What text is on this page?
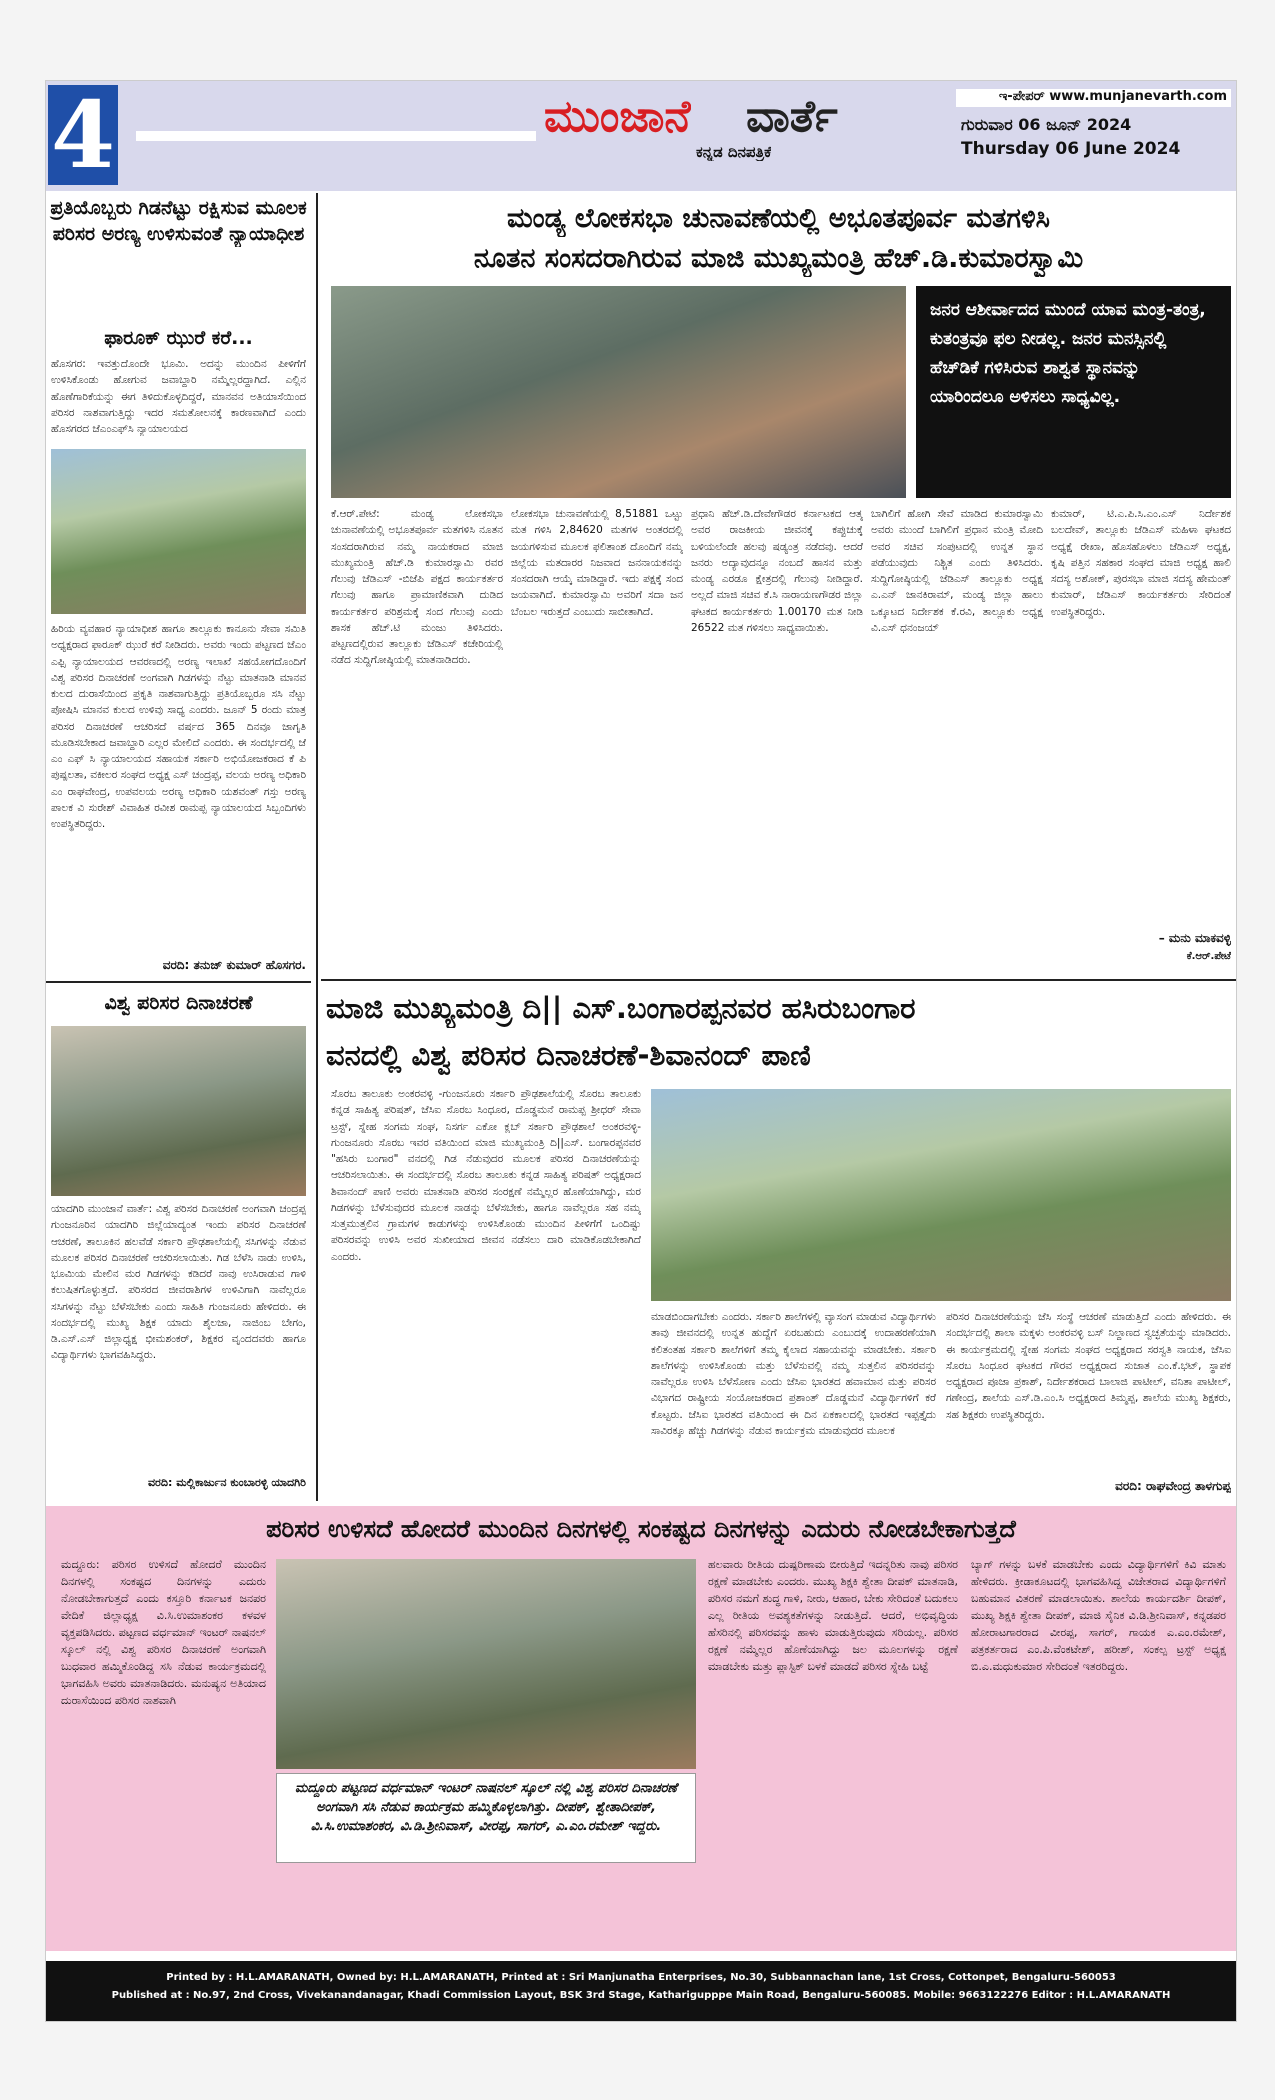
4	ಮುಂಜಾನೆ ವಾರ್ತೆ
ಕನ್ನಡ ದಿನಪತ್ರಿಕೆ
ಇ-ಪೇಪರ್ www.munjanevarth.com
ಗುರುವಾರ 06 ಜೂನ್ 2024
Thursday 06 June 2024
ಪ್ರತಿಯೊಬ್ಬರು ಗಿಡನೆಟ್ಟು ರಕ್ಷಿಸುವ ಮೂಲಕ ಪರಿಸರ ಅರಣ್ಯ ಉಳಿಸುವಂತೆ ನ್ಯಾಯಾಧೀಶ
ಫಾರೂಕ್ ಝುರೆ ಕರೆ...
ಹೊಸಗರ: ಇವತ್ತುದೊಂದೇ ಭೂಮಿ. ಅದನ್ನು ಮುಂದಿನ ಪೀಳಿಗೆಗೆ ಉಳಿಸಿಕೊಂಡು ಹೋಗುವ ಜವಾಬ್ದಾರಿ ನಮ್ಮೆಲ್ಲರದ್ದಾಗಿದೆ. ಎಲ್ಲಿನ ಹೊಣೆಗಾರಿಕೆಯನ್ನು ಈಗ ತಿಳಿದುಕೊಳ್ಳದಿದ್ದರೆ, ಮಾನವನ ಅತಿಯಾಸೆಯಿಂದ ಪರಿಸರ ನಾಶವಾಗುತ್ತಿದ್ದು ಇದರ ಸಮತೋಲನಕ್ಕೆ ಕಾರಣವಾಗಿದೆ ಎಂದು ಹೊಸಗರದ ಜೆಎಂಎಫ್‌ಸಿ ನ್ಯಾಯಾಲಯದ
ಹಿರಿಯ ವ್ಯವಹಾರ ನ್ಯಾಯಾಧೀಶ ಹಾಗೂ ತಾಲ್ಲೂಕು ಕಾನೂನು ಸೇವಾ ಸಮಿತಿ ಅಧ್ಯಕ್ಷರಾದ ಫಾರೂಕ್ ಝುರೆ ಕರೆ ನೀಡಿದರು. ಅವರು ಇಂದು ಪಟ್ಟಣದ ಜೆಎಂ ಎಫ್ಸಿ ನ್ಯಾಯಾಲಯದ ಆವರಣದಲ್ಲಿ ಅರಣ್ಯ ಇಲಾಖೆ ಸಹಯೋಗದೊಂದಿಗೆ ವಿಶ್ವ ಪರಿಸರ ದಿನಾಚರಣೆ ಅಂಗವಾಗಿ ಗಿಡಗಳನ್ನು ನೆಟ್ಟು ಮಾತನಾಡಿ ಮಾನವ ಕುಲದ ದುರಾಸೆಯಿಂದ ಪ್ರಕೃತಿ ನಾಶವಾಗುತ್ತಿದ್ದು ಪ್ರತಿಯೊಬ್ಬರೂ ಸಸಿ ನೆಟ್ಟು ಪೋಷಿಸಿ ಮಾನವ ಕುಲದ ಉಳಿವು ಸಾಧ್ಯ ಎಂದರು. ಜೂನ್ 5 ರಂದು ಮಾತ್ರ ಪರಿಸರ ದಿನಾಚರಣೆ ಆಚರಿಸದೆ ವರ್ಷದ 365 ದಿನವೂ ಜಾಗೃತಿ ಮೂಡಿಸಬೇಕಾದ ಜವಾಬ್ದಾರಿ ಎಲ್ಲರ ಮೇಲಿದೆ ಎಂದರು. ಈ ಸಂದರ್ಭದಲ್ಲಿ ಜೆ ಎಂ ಎಫ್ ಸಿ ನ್ಯಾಯಾಲಯದ ಸಹಾಯಕ ಸರ್ಕಾರಿ ಅಭಿಯೋಜಕರಾದ ಕೆ ಪಿ ಪುಷ್ಪಲತಾ, ವಕೀಲರ ಸಂಘದ ಅಧ್ಯಕ್ಷ ಎಸ್ ಚಂದ್ರಪ್ಪ, ವಲಯ ಅರಣ್ಯ ಅಧಿಕಾರಿ ಎಂ ರಾಘವೇಂದ್ರ, ಉಪವಲಯ ಅರಣ್ಯ ಅಧಿಕಾರಿ ಯಶವಂತ್ ಗಸ್ತು ಅರಣ್ಯ ಪಾಲಕ ವಿ ಸುರೇಶ್ ವಿವಾಹಿತ ರವೀಶ ರಾಮಪ್ಪ ನ್ಯಾಯಾಲಯದ ಸಿಬ್ಬಂದಿಗಳು ಉಪಸ್ಥಿತರಿದ್ದರು.
ವರದಿ: ತನುಜ್ ಕುಮಾರ್ ಹೊಸಗರ.
ವಿಶ್ವ ಪರಿಸರ ದಿನಾಚರಣೆ
ಯಾದಗಿರಿ ಮುಂಜಾನೆ ವಾರ್ತೆ: ವಿಶ್ವ ಪರಿಸರ ದಿನಾಚರಣೆ ಅಂಗವಾಗಿ ಚಂದ್ರಪ್ಪ ಗುಂಜನೂರಿನ ಯಾದಗಿರಿ ಜಿಲ್ಲೆಯಾದ್ಯಂತ ಇಂದು ಪರಿಸರ ದಿನಾಚರಣೆ ಆಚರಣೆ, ತಾಲೂಕಿನ ಹಲವೆಡೆ ಸರ್ಕಾರಿ ಪ್ರೌಢಶಾಲೆಯಲ್ಲಿ ಸಸಿಗಳನ್ನು ನೆಡುವ ಮೂಲಕ ಪರಿಸರ ದಿನಾಚರಣೆ ಆಚರಿಸಲಾಯಿತು. ಗಿಡ ಬೆಳೆಸಿ ನಾಡು ಉಳಿಸಿ, ಭೂಮಿಯ ಮೇಲಿನ ಮರ ಗಿಡಗಳನ್ನು ಕಡಿದರೆ ನಾವು ಉಸಿರಾಡುವ ಗಾಳಿ ಕಲುಷಿತಗೊಳ್ಳುತ್ತದೆ. ಪರಿಸರದ ಜೀವರಾಶಿಗಳ ಉಳಿವಿಗಾಗಿ ನಾವೆಲ್ಲರೂ ಸಸಿಗಳನ್ನು ನೆಟ್ಟು ಬೆಳೆಸಬೇಕು ಎಂದು ಸಾಹಿತಿ ಗುಂಜನೂರು ಹೇಳಿದರು. ಈ ಸಂದರ್ಭದಲ್ಲಿ ಮುಖ್ಯ ಶಿಕ್ಷಕ ಯಾದು ಶೈಲಜಾ, ನಾಜಿಂಬ ಬೇಗಂ, ಡಿ.ಎಸ್.ಎಸ್ ಜಿಲ್ಲಾಧ್ಯಕ್ಷ ಭೀಮಶಂಕರ್, ಶಿಕ್ಷಕರ ವೃಂದದವರು ಹಾಗೂ ವಿದ್ಯಾರ್ಥಿಗಳು ಭಾಗವಹಿಸಿದ್ದರು.
ವರದಿ: ಮಲ್ಲಿಕಾರ್ಜುನ ಕುಂಬಾರಳ್ಳಿ ಯಾದಗಿರಿ
ಮಂಡ್ಯ ಲೋಕಸಭಾ ಚುನಾವಣೆಯಲ್ಲಿ ಅಭೂತಪೂರ್ವ ಮತಗಳಿಸಿ
ನೂತನ ಸಂಸದರಾಗಿರುವ ಮಾಜಿ ಮುಖ್ಯಮಂತ್ರಿ ಹೆಚ್.ಡಿ.ಕುಮಾರಸ್ವಾಮಿ
ಜನರ ಆಶೀರ್ವಾದದ ಮುಂದೆ ಯಾವ ಮಂತ್ರ-ತಂತ್ರ, ಕುತಂತ್ರವೂ ಫಲ ನೀಡಲ್ಲ. ಜನರ ಮನಸ್ಸಿನಲ್ಲಿ ಹೆಚ್‌ಡಿಕೆ ಗಳಿಸಿರುವ ಶಾಶ್ವತ ಸ್ಥಾನವನ್ನು ಯಾರಿಂದಲೂ ಅಳಿಸಲು ಸಾಧ್ಯವಿಲ್ಲ.
ಕೆ.ಆರ್.ಪೇಟೆ: ಮಂಡ್ಯ ಲೋಕಸಭಾ ಚುನಾವಣೆಯಲ್ಲಿ ಅಭೂತಪೂರ್ವ ಮತಗಳಿಸಿ ನೂತನ ಸಂಸದರಾಗಿರುವ ನಮ್ಮ ನಾಯಕರಾದ ಮಾಜಿ ಮುಖ್ಯಮಂತ್ರಿ ಹೆಚ್.ಡಿ ಕುಮಾರಸ್ವಾಮಿ ರವರ ಗೆಲುವು ಜೆಡಿಎಸ್ -ಬಿಜೆಪಿ ಪಕ್ಷದ ಕಾರ್ಯಕರ್ತರ ಗೆಲುವು ಹಾಗೂ ಪ್ರಾಮಾಣಿಕವಾಗಿ ದುಡಿದ ಕಾರ್ಯಕರ್ತರ ಪರಿಶ್ರಮಕ್ಕೆ ಸಂದ ಗೆಲುವು ಎಂದು ಶಾಸಕ ಹೆಚ್.ಟಿ ಮಂಜು ತಿಳಿಸಿದರು. ಪಟ್ಟಣದಲ್ಲಿರುವ ತಾಲ್ಲೂಕು ಜೆಡಿಎಸ್ ಕಚೇರಿಯಲ್ಲಿ ನಡೆದ ಸುದ್ದಿಗೋಷ್ಠಿಯಲ್ಲಿ ಮಾತನಾಡಿದರು.
ಲೋಕಸಭಾ ಚುನಾವಣೆಯಲ್ಲಿ 8,51881 ಒಟ್ಟು ಮತ ಗಳಿಸಿ 2,84620 ಮತಗಳ ಅಂತರದಲ್ಲಿ ಜಯಗಳಿಸುವ ಮೂಲಕ ಫಲಿತಾಂಶ ದೊಂದಿಗೆ ನಮ್ಮ ಜಿಲ್ಲೆಯ ಮತದಾರರ ನಿಜವಾದ ಜನನಾಯಕನನ್ನು ಸಂಸದರಾಗಿ ಆಯ್ಕೆ ಮಾಡಿದ್ದಾರೆ. ಇದು ಪಕ್ಷಕ್ಕೆ ಸಂದ ಜಯವಾಗಿದೆ. ಕುಮಾರಸ್ವಾಮಿ ಅವರಿಗೆ ಸದಾ ಜನ ಬೆಂಬಲ ಇರುತ್ತದೆ ಎಂಬುದು ಸಾಬೀತಾಗಿದೆ.
ಪ್ರಧಾನಿ ಹೆಚ್.ಡಿ.ದೇವೇಗೌಡರ ಕರ್ನಾಟಕದ ಆತ್ಮ ಅವರ ರಾಜಕೀಯ ಜೀವನಕ್ಕೆ ಕಪ್ಪುಚುಕ್ಕೆ ಬಳಿಯಲೆಂದೇ ಹಲವು ಷಡ್ಯಂತ್ರ ನಡೆದವು. ಆದರೆ ಜನರು ಅದ್ಯಾವುದನ್ನೂ ನಂಬದೆ ಹಾಸನ ಮತ್ತು ಮಂಡ್ಯ ಎರಡೂ ಕ್ಷೇತ್ರದಲ್ಲಿ ಗೆಲುವು ನೀಡಿದ್ದಾರೆ. ಅಲ್ಲದೆ ಮಾಜಿ ಸಚಿವ ಕೆ.ಸಿ ನಾರಾಯಣಗೌಡರ ಜಿಲ್ಲಾ ಘಟಕದ ಕಾರ್ಯಕರ್ತರು 1.00170 ಮತ ನೀಡಿ 26522 ಮತ ಗಳಿಸಲು ಸಾಧ್ಯವಾಯಿತು.
ಬಾಗಿಲಿಗೆ ಹೋಗಿ ಸೇವೆ ಮಾಡಿದ ಕುಮಾರಸ್ವಾಮಿ ಅವರು ಮುಂದೆ ಬಾಗಿಲಿಗೆ ಪ್ರಧಾನ ಮಂತ್ರಿ ಮೋದಿ ಅವರ ಸಚಿವ ಸಂಪುಟದಲ್ಲಿ ಉನ್ನತ ಸ್ಥಾನ ಪಡೆಯುವುದು ನಿಶ್ಚಿತ ಎಂದು ತಿಳಿಸಿದರು. ಸುದ್ದಿಗೋಷ್ಠಿಯಲ್ಲಿ ಜೆಡಿಎಸ್ ತಾಲ್ಲೂಕು ಅಧ್ಯಕ್ಷ ಎ.ಎನ್ ಜಾನಕಿರಾಮ್, ಮಂಡ್ಯ ಜಿಲ್ಲಾ ಹಾಲು ಒಕ್ಕೂಟದ ನಿರ್ದೇಶಕ ಕೆ.ರವಿ, ತಾಲ್ಲೂಕು ಅಧ್ಯಕ್ಷ ವಿ.ಎಸ್ ಧನಂಜಯ್
ಕುಮಾರ್, ಟಿ.ಎ.ಪಿ.ಸಿ.ಎಂ.ಎಸ್ ನಿರ್ದೇಶಕ ಬಲದೇವ್, ತಾಲ್ಲೂಕು ಜೆಡಿಎಸ್ ಮಹಿಳಾ ಘಟಕದ ಅಧ್ಯಕ್ಷೆ ರೇಖಾ, ಹೊಸಹೊಳಲು ಜೆಡಿಎಸ್ ಅಧ್ಯಕ್ಷ, ಕೃಷಿ ಪತ್ತಿನ ಸಹಕಾರ ಸಂಘದ ಮಾಜಿ ಅಧ್ಯಕ್ಷ ಹಾಲಿ ಸದಸ್ಯ ಅಶೋಕ್, ಪುರಸಭಾ ಮಾಜಿ ಸದಸ್ಯ ಹೇಮಂತ್ ಕುಮಾರ್, ಜೆಡಿಎಸ್ ಕಾರ್ಯಕರ್ತರು ಸೇರಿದಂತೆ ಉಪಸ್ಥಿತರಿದ್ದರು.
– ಮನು ಮಾಕವಳ್ಳಿ
ಕೆ.ಆರ್.ಪೇಟೆ
ಮಾಜಿ ಮುಖ್ಯಮಂತ್ರಿ ದಿ|| ಎಸ್.ಬಂಗಾರಪ್ಪನವರ ಹಸಿರುಬಂಗಾರ
ವನದಲ್ಲಿ ವಿಶ್ವ ಪರಿಸರ ದಿನಾಚರಣೆ-ಶಿವಾನಂದ್ ಪಾಣಿ
ಸೊರಬ ತಾಲೂಕು ಅಂಕರವಳ್ಳಿ -ಗುಂಜನೂರು ಸರ್ಕಾರಿ ಪ್ರೌಢಶಾಲೆಯಲ್ಲಿ ಸೊರಬ ತಾಲೂಕು ಕನ್ನಡ ಸಾಹಿತ್ಯ ಪರಿಷತ್, ಜೆಸಿಐ ಸೊರಬ ಸಿಂಧೂರ, ದೊಡ್ಡಮನೆ ರಾಮಪ್ಪ ಶ್ರೀಧರ್ ಸೇವಾ ಟ್ರಸ್ಟ್, ಸ್ನೇಹ ಸಂಗಮ ಸಂಘ, ನಿಸರ್ಗ ಎಕೋ ಕ್ಲಬ್ ಸರ್ಕಾರಿ ಪ್ರೌಢಶಾಲೆ ಅಂಕರವಳ್ಳಿ-ಗುಂಜನೂರು ಸೊರಬ ಇವರ ವತಿಯಿಂದ ಮಾಜಿ ಮುಖ್ಯಮಂತ್ರಿ ದಿ||ಎಸ್. ಬಂಗಾರಪ್ಪನವರ "ಹಸಿರು ಬಂಗಾರ" ವನದಲ್ಲಿ ಗಿಡ ನೆಡುವುದರ ಮೂಲಕ ಪರಿಸರ ದಿನಾಚರಣೆಯನ್ನು ಆಚರಿಸಲಾಯಿತು. ಈ ಸಂದರ್ಭದಲ್ಲಿ ಸೊರಬ ತಾಲೂಕು ಕನ್ನಡ ಸಾಹಿತ್ಯ ಪರಿಷತ್ ಅಧ್ಯಕ್ಷರಾದ ಶಿವಾನಂದ್ ಪಾಣಿ ಅವರು ಮಾತನಾಡಿ ಪರಿಸರ ಸಂರಕ್ಷಣೆ ನಮ್ಮೆಲ್ಲರ ಹೊಣೆಯಾಗಿದ್ದು, ಮರ ಗಿಡಗಳನ್ನು ಬೆಳೆಸುವುದರ ಮೂಲಕ ನಾಡನ್ನು ಬೆಳೆಸಬೇಕು, ಹಾಗೂ ನಾವೆಲ್ಲರೂ ಸಹ ನಮ್ಮ ಸುತ್ತಮುತ್ತಲಿನ ಗ್ರಾಮಗಳ ಕಾಡುಗಳನ್ನು ಉಳಿಸಿಕೊಂಡು ಮುಂದಿನ ಪೀಳಿಗೆಗೆ ಒಂದಿಷ್ಟು ಪರಿಸರವನ್ನು ಉಳಿಸಿ ಅವರ ಸುಖೀಯಾದ ಜೀವನ ನಡೆಸಲು ದಾರಿ ಮಾಡಿಕೊಡಬೇಕಾಗಿದೆ ಎಂದರು.
ಮಾಡಬಿಂದಾಗಬೇಕು ಎಂದರು. ಸರ್ಕಾರಿ ಶಾಲೆಗಳಲ್ಲಿ ವ್ಯಾಸಂಗ ಮಾಡುವ ವಿದ್ಯಾರ್ಥಿಗಳು ತಾವು ಜೀವನದಲ್ಲಿ ಉನ್ನತ ಹುದ್ದೆಗೆ ಏರಬಹುದು ಎಂಬುದಕ್ಕೆ ಉದಾಹರಣೆಯಾಗಿ ಕಲಿತಂತಹ ಸರ್ಕಾರಿ ಶಾಲೆಗಳಿಗೆ ತಮ್ಮ ಕೈಲಾದ ಸಹಾಯವನ್ನು ಮಾಡಬೇಕು. ಸರ್ಕಾರಿ ಶಾಲೆಗಳನ್ನು ಉಳಿಸಿಕೊಂಡು ಮತ್ತು ಬೆಳೆಸುವಲ್ಲಿ ನಮ್ಮ ಸುತ್ತಲಿನ ಪರಿಸರವನ್ನು ನಾವೆಲ್ಲರೂ ಉಳಿಸಿ ಬೆಳೆಸೋಣ ಎಂದು ಜೆಸಿಐ ಭಾರತದ ಹವಾಮಾನ ಮತ್ತು ಪರಿಸರ ವಿಭಾಗದ ರಾಷ್ಟ್ರೀಯ ಸಂಯೋಜಕರಾದ ಪ್ರಶಾಂತ್ ದೊಡ್ಡಮನೆ ವಿದ್ಯಾರ್ಥಿಗಳಿಗೆ ಕರೆ ಕೊಟ್ಟರು. ಜೆಸಿಐ ಭಾರತದ ವತಿಯಿಂದ ಈ ದಿನ ಏಕಕಾಲದಲ್ಲಿ ಭಾರತದ ಇಪ್ಪತ್ತೈದು ಸಾವಿರಕ್ಕೂ ಹೆಚ್ಚು ಗಿಡಗಳನ್ನು ನೆಡುವ ಕಾರ್ಯಕ್ರಮ ಮಾಡುವುದರ ಮೂಲಕ
ಪರಿಸರ ದಿನಾಚರಣೆಯನ್ನು ಜೆಸಿ ಸಂಸ್ಥೆ ಆಚರಣೆ ಮಾಡುತ್ತಿದೆ ಎಂದು ಹೇಳಿದರು. ಈ ಸಂದರ್ಭದಲ್ಲಿ ಶಾಲಾ ಮಕ್ಕಳು ಅಂಕರವಳ್ಳಿ ಬಸ್ ನಿಲ್ದಾಣದ ಸ್ವಚ್ಛತೆಯನ್ನು ಮಾಡಿದರು. ಈ ಕಾರ್ಯಕ್ರಮದಲ್ಲಿ ಸ್ನೇಹ ಸಂಗಮ ಸಂಘದ ಅಧ್ಯಕ್ಷರಾದ ಸರಸ್ವತಿ ನಾಯಕ, ಜೆಸಿಐ ಸೊರಬ ಸಿಂಧೂರ ಘಟಕದ ಗೌರವ ಅಧ್ಯಕ್ಷರಾದ ಸುಜಾತ ಎಂ.ಕೆ.ಭಟ್, ಸ್ಥಾಪಕ ಅಧ್ಯಕ್ಷರಾದ ಪೂಜಾ ಪ್ರಕಾಶ್, ನಿರ್ದೇಶಕರಾದ ಬಾಲಾಜಿ ಪಾಟೀಲ್, ವನಿತಾ ಪಾಟೀಲ್, ಗಣೇಂದ್ರ, ಶಾಲೆಯ ಎಸ್.ಡಿ.ಎಂ.ಸಿ ಅಧ್ಯಕ್ಷರಾದ ತಿಮ್ಮಪ್ಪ, ಶಾಲೆಯ ಮುಖ್ಯ ಶಿಕ್ಷಕರು, ಸಹ ಶಿಕ್ಷಕರು ಉಪಸ್ಥಿತರಿದ್ದರು.
ವರದಿ: ರಾಘವೇಂದ್ರ ತಾಳಗುಪ್ಪ
ಪರಿಸರ ಉಳಿಸದೆ ಹೋದರೆ ಮುಂದಿನ ದಿನಗಳಲ್ಲಿ ಸಂಕಷ್ಟದ ದಿನಗಳನ್ನು ಎದುರು ನೋಡಬೇಕಾಗುತ್ತದೆ
ಮದ್ದೂರು: ಪರಿಸರ ಉಳಿಸದೆ ಹೋದರೆ ಮುಂದಿನ ದಿನಗಳಲ್ಲಿ ಸಂಕಷ್ಟದ ದಿನಗಳನ್ನು ಎದುರು ನೋಡಬೇಕಾಗುತ್ತದೆ ಎಂದು ಕಸ್ತೂರಿ ಕರ್ನಾಟಕ ಜನಪರ ವೇದಿಕೆ ಜಿಲ್ಲಾಧ್ಯಕ್ಷ ವಿ.ಸಿ.ಉಮಾಶಂಕರ ಕಳವಳ ವ್ಯಕ್ತಪಡಿಸಿದರು. ಪಟ್ಟಣದ ವರ್ಧಮಾನ್ ಇಂಟರ್ ನಾಷನಲ್ ಸ್ಕೂಲ್ ನಲ್ಲಿ ವಿಶ್ವ ಪರಿಸರ ದಿನಾಚರಣೆ ಅಂಗವಾಗಿ ಬುಧವಾರ ಹಮ್ಮಿಕೊಂಡಿದ್ದ ಸಸಿ ನೆಡುವ ಕಾರ್ಯಕ್ರಮದಲ್ಲಿ ಭಾಗವಹಿಸಿ ಅವರು ಮಾತನಾಡಿದರು. ಮನುಷ್ಯನ ಅತಿಯಾದ ದುರಾಸೆಯಿಂದ ಪರಿಸರ ನಾಶವಾಗಿ
ಮದ್ದೂರು ಪಟ್ಟಣದ ವರ್ಧಮಾನ್ ಇಂಟರ್ ನಾಷನಲ್ ಸ್ಕೂಲ್ ನಲ್ಲಿ ವಿಶ್ವ ಪರಿಸರ ದಿನಾಚರಣೆ ಅಂಗವಾಗಿ ಸಸಿ ನೆಡುವ ಕಾರ್ಯಕ್ರಮ ಹಮ್ಮಿಕೊಳ್ಳಲಾಗಿತ್ತು. ದೀಪಕ್, ಶ್ವೇತಾದೀಪಕ್, ವಿ.ಸಿ.ಉಮಾಶಂಕರ, ವಿ.ಡಿ.ಶ್ರೀನಿವಾಸ್, ವೀರಪ್ಪ, ಸಾಗರ್, ಎ.ಎಂ.ರಮೇಶ್ ಇದ್ದರು.
ಹಲವಾರು ರೀತಿಯ ದುಷ್ಪರಿಣಾಮ ಬೀರುತ್ತಿದೆ ಇದನ್ನರಿತು ನಾವು ಪರಿಸರ ರಕ್ಷಣೆ ಮಾಡಬೇಕು ಎಂದರು. ಮುಖ್ಯ ಶಿಕ್ಷಕಿ ಶ್ವೇತಾ ದೀಪಕ್ ಮಾತನಾಡಿ, ಪರಿಸರ ನಮಗೆ ಶುದ್ಧ ಗಾಳಿ, ನೀರು, ಆಹಾರ, ಬೇಕು ಸೇರಿದಂತೆ ಬದುಕಲು ಎಲ್ಲ ರೀತಿಯ ಅವಶ್ಯಕತೆಗಳನ್ನು ನೀಡುತ್ತಿದೆ. ಆದರೆ, ಅಭಿವೃದ್ಧಿಯ ಹೆಸರಿನಲ್ಲಿ ಪರಿಸರವನ್ನು ಹಾಳು ಮಾಡುತ್ತಿರುವುದು ಸರಿಯಲ್ಲ. ಪರಿಸರ ರಕ್ಷಣೆ ನಮ್ಮೆಲ್ಲರ ಹೊಣೆಯಾಗಿದ್ದು ಜಲ ಮೂಲಗಳನ್ನು ರಕ್ಷಣೆ ಮಾಡಬೇಕು ಮತ್ತು ಪ್ಲಾಸ್ಟಿಕ್ ಬಳಕೆ ಮಾಡದೆ ಪರಿಸರ ಸ್ನೇಹಿ ಬಟ್ಟೆ
ಬ್ಯಾಗ್ ಗಳನ್ನು ಬಳಕೆ ಮಾಡಬೇಕು ಎಂದು ವಿದ್ಯಾರ್ಥಿಗಳಿಗೆ ಕಿವಿ ಮಾತು ಹೇಳಿದರು. ಕ್ರೀಡಾಕೂಟದಲ್ಲಿ ಭಾಗವಹಿಸಿದ್ದ ವಿಜೇತರಾದ ವಿದ್ಯಾರ್ಥಿಗಳಿಗೆ ಬಹುಮಾನ ವಿತರಣೆ ಮಾಡಲಾಯಿತು. ಶಾಲೆಯ ಕಾರ್ಯದರ್ಶಿ ದೀಪಕ್, ಮುಖ್ಯ ಶಿಕ್ಷಕಿ ಶ್ವೇತಾ ದೀಪಕ್, ಮಾಜಿ ಸೈನಿಕ ವಿ.ಡಿ.ಶ್ರೀನಿವಾಸ್, ಕನ್ನಡಪರ ಹೋರಾಟಗಾರರಾದ ವೀರಪ್ಪ, ಸಾಗರ್, ಗಾಯಕ ಎ.ಎಂ.ರಮೇಶ್, ಪತ್ರಕರ್ತರಾದ ಎಂ.ಪಿ.ವೆಂಕಟೇಶ್, ಹರೀಶ್, ಸಂಕಲ್ಪ ಟ್ರಸ್ಟ್ ಅಧ್ಯಕ್ಷ ಬಿ.ಎ.ಮಧುಕುಮಾರ ಸೇರಿದಂತೆ ಇತರರಿದ್ದರು.
Printed by : H.L.AMARANATH, Owned by: H.L.AMARANATH, Printed at : Sri Manjunatha Enterprises, No.30, Subbannachan lane, 1st Cross, Cottonpet, Bengaluru-560053
Published at : No.97, 2nd Cross, Vivekanandanagar, Khadi Commission Layout, BSK 3rd Stage, Katharigupppe Main Road, Bengaluru-560085. Mobile: 9663122276 Editor : H.L.AMARANATH
